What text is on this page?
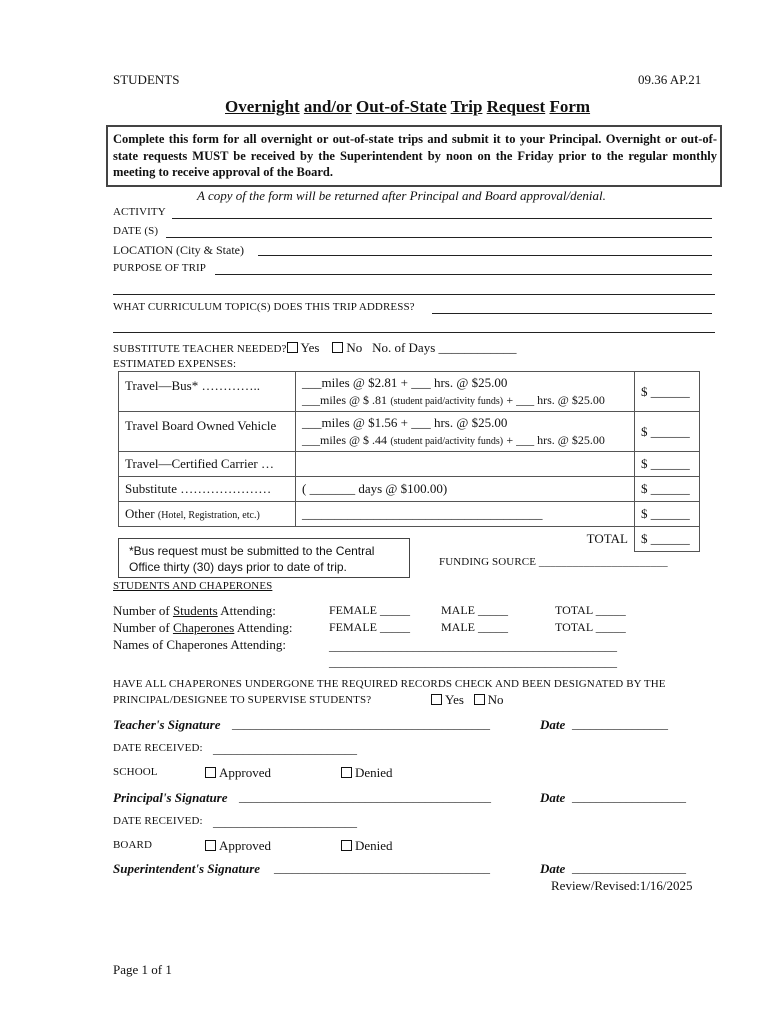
STUDENTS	09.36 AP.21
Overnight and/or Out-of-State Trip Request Form
Complete this form for all overnight or out-of-state trips and submit it to your Principal. Overnight or out-of-state requests MUST be received by the Superintendent by noon on the Friday prior to the regular monthly meeting to receive approval of the Board.
A copy of the form will be returned after Principal and Board approval/denial.
ACTIVITY
DATE (S)
LOCATION (City & State)
PURPOSE OF TRIP
WHAT CURRICULUM TOPIC(S) DOES THIS TRIP ADDRESS?
SUBSTITUTE TEACHER NEEDED? Yes No No. of Days ____________
ESTIMATED EXPENSES:
Travel—Bus* …………..	___miles @ $2.81 + ___ hrs. @ $25.00
___miles @ $ .81 (student paid/activity funds) + ___ hrs. @ $25.00	$ ______
Travel Board Owned Vehicle	___miles @ $1.56 + ___ hrs. @ $25.00
___miles @ $ .44 (student paid/activity funds) + ___ hrs. @ $25.00	$ ______
Travel—Certified Carrier …		$ ______
Substitute …………………	( _______ days @ $100.00)	$ ______
Other (Hotel, Registration, etc.)	_____________________________________	$ ______
	TOTAL	$ ______
*Bus request must be submitted to the Central
Office thirty (30) days prior to date of trip.	FUNDING SOURCE _______________________
STUDENTS AND CHAPERONES
Number of Students Attending:	FEMALE _____	MALE _____	TOTAL _____
Number of Chaperones Attending:	FEMALE _____	MALE _____	TOTAL _____
Names of Chaperones Attending:	________________________________________________
________________________________________________
HAVE ALL CHAPERONES UNDERGONE THE REQUIRED RECORDS CHECK AND BEEN DESIGNATED BY THE
PRINCIPAL/DESIGNEE TO SUPERVISE STUDENTS?	Yes No
Teacher's Signature ___________________________________________	Date ________________
DATE RECEIVED: ________________________
SCHOOL	Approved	Denied
Principal's Signature __________________________________________	Date ___________________
DATE RECEIVED: ________________________
BOARD	Approved	Denied
Superintendent's Signature ____________________________________	Date ___________________
Review/Revised:1/16/2025
Page 1 of 1
